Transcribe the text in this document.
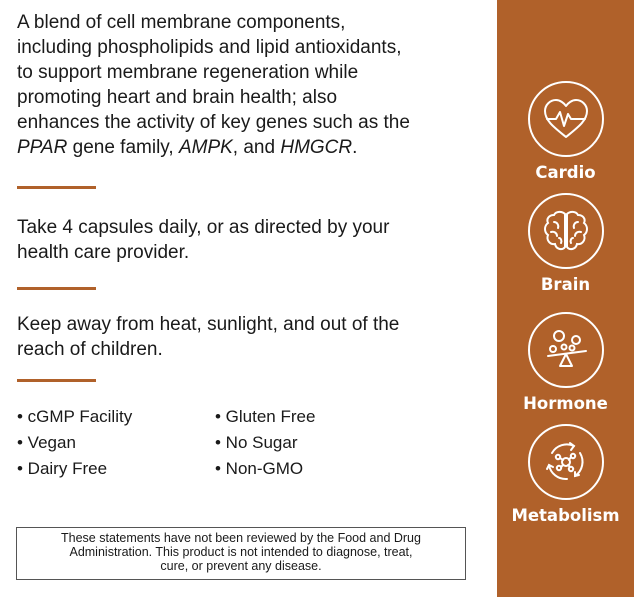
A blend of cell membrane components,
including phospholipids and lipid antioxidants,
to support membrane regeneration while
promoting heart and brain health; also
enhances the activity of key genes such as the
PPAR gene family, AMPK, and HMGCR.

Take 4 capsules daily, or as directed by your
health care provider.

Keep away from heat, sunlight, and out of the
reach of children.

• cGMP Facility
• Vegan
• Dairy Free
• Gluten Free
• No Sugar
• Non-GMO
These statements have not been reviewed by the Food and Drug
Administration. This product is not intended to diagnose, treat,
cure, or prevent any disease.
Cardio
Brain
Hormone
Metabolism
